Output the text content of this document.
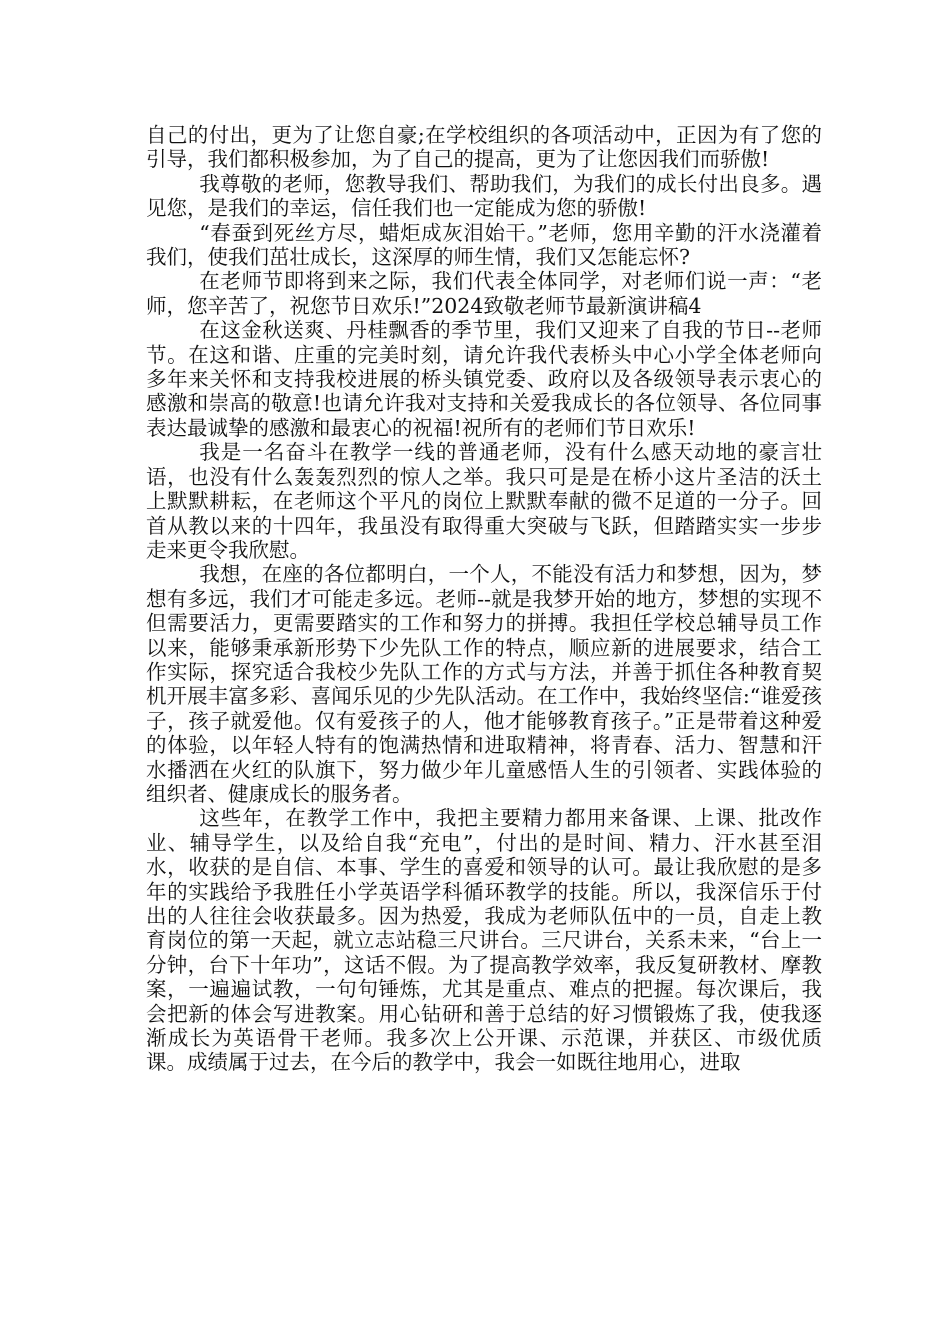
自己的付出，更为了让您自豪;在学校组织的各项活动中，正因为有了您的引导，我们都积极参加，为了自己的提高，更为了让您因我们而骄傲!

我尊敬的老师，您教导我们、帮助我们，为我们的成长付出良多。遇见您，是我们的幸运，信任我们也一定能成为您的骄傲!

“春蚕到死丝方尽，蜡炬成灰泪始干。”老师，您用辛勤的汗水浇灌着我们，使我们茁壮成长，这深厚的师生情，我们又怎能忘怀?

在老师节即将到来之际，我们代表全体同学，对老师们说一声：“老师，您辛苦了，祝您节日欢乐!”2024致敬老师节最新演讲稿4

在这金秋送爽、丹桂飘香的季节里，我们又迎来了自我的节日--老师节。在这和谐、庄重的完美时刻，请允许我代表桥头中心小学全体老师向多年来关怀和支持我校进展的桥头镇党委、政府以及各级领导表示衷心的感激和崇高的敬意!也请允许我对支持和关爱我成长的各位领导、各位同事表达最诚挚的感激和最衷心的祝福!祝所有的老师们节日欢乐!

我是一名奋斗在教学一线的普通老师，没有什么感天动地的豪言壮语，也没有什么轰轰烈烈的惊人之举。我只可是是在桥小这片圣洁的沃土上默默耕耘，在老师这个平凡的岗位上默默奉献的微不足道的一分子。回首从教以来的十四年，我虽没有取得重大突破与飞跃，但踏踏实实一步步走来更令我欣慰。

我想，在座的各位都明白，一个人，不能没有活力和梦想，因为，梦想有多远，我们才可能走多远。老师--就是我梦开始的地方，梦想的实现不但需要活力，更需要踏实的工作和努力的拼搏。我担任学校总辅导员工作以来，能够秉承新形势下少先队工作的特点，顺应新的进展要求，结合工作实际，探究适合我校少先队工作的方式与方法，并善于抓住各种教育契机开展丰富多彩、喜闻乐见的少先队活动。在工作中，我始终坚信:“谁爱孩子，孩子就爱他。仅有爱孩子的人，他才能够教育孩子。”正是带着这种爱的体验，以年轻人特有的饱满热情和进取精神，将青春、活力、智慧和汗水播洒在火红的队旗下，努力做少年儿童感悟人生的引领者、实践体验的组织者、健康成长的服务者。

这些年，在教学工作中，我把主要精力都用来备课、上课、批改作业、辅导学生，以及给自我“充电”，付出的是时间、精力、汗水甚至泪水，收获的是自信、本事、学生的喜爱和领导的认可。最让我欣慰的是多年的实践给予我胜任小学英语学科循环教学的技能。所以，我深信乐于付出的人往往会收获最多。因为热爱，我成为老师队伍中的一员，自走上教育岗位的第一天起，就立志站稳三尺讲台。三尺讲台，关系未来，“台上一分钟，台下十年功”，这话不假。为了提高教学效率，我反复研教材、摩教案，一遍遍试教，一句句锤炼，尤其是重点、难点的把握。每次课后，我会把新的体会写进教案。用心钻研和善于总结的好习惯锻炼了我，使我逐渐成长为英语骨干老师。我多次上公开课、示范课，并获区、市级优质课。成绩属于过去，在今后的教学中，我会一如既往地用心，进取
